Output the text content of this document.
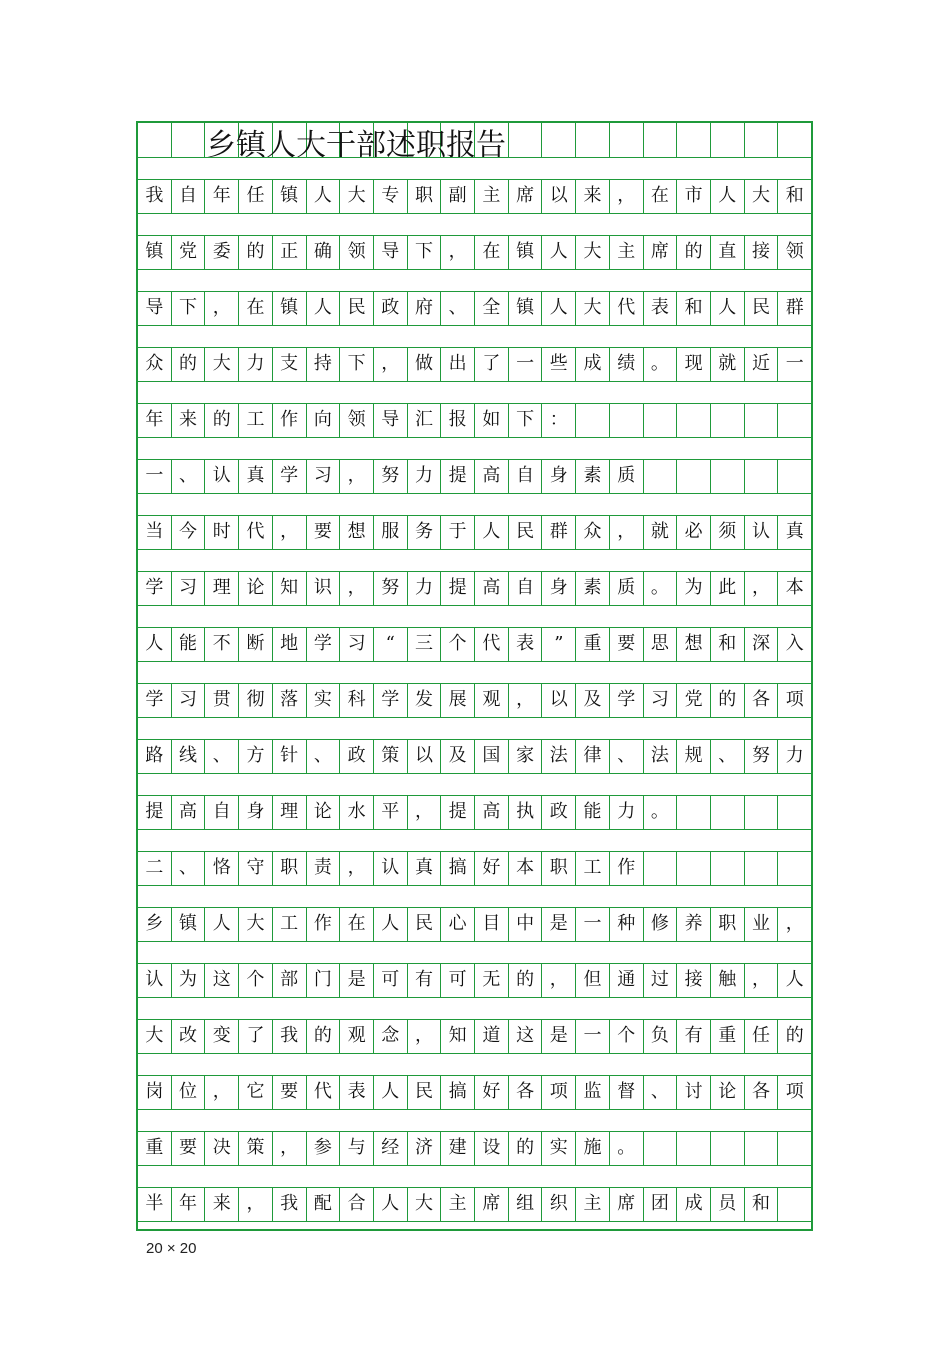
乡镇人大干部述职报告
我 自 年 任 镇 人 大 专 职 副 主 席 以 来 ， 在 市 人 大 和
镇 党 委 的 正 确 领 导 下 ， 在 镇 人 大 主 席 的 直 接 领
导 下 ， 在 镇 人 民 政 府 、 全 镇 人 大 代 表 和 人 民 群
众 的 大 力 支 持 下 ， 做 出 了 一 些 成 绩 。 现 就 近 一
年 来 的 工 作 向 领 导 汇 报 如 下 ：
一 、 认 真 学 习 ， 努 力 提 高 自 身 素 质
当 今 时 代 ， 要 想 服 务 于 人 民 群 众 ， 就 必 须 认 真
学 习 理 论 知 识 ， 努 力 提 高 自 身 素 质 。 为 此 ， 本
人 能 不 断 地 学 习	“	三 个 代 表	”	重 要 思 想 和 深 入
学 习 贯 彻 落 实 科 学 发 展 观 ， 以 及 学 习 党 的 各 项
路 线 、 方 针 、 政 策 以 及 国 家 法 律 、 法 规 、 努 力
提 高 自 身 理 论 水 平 ， 提 高 执 政 能 力 。
二 、 恪 守 职 责 ， 认 真 搞 好 本 职 工 作
乡 镇 人 大 工 作 在 人 民 心 目 中 是 一 种 修 养 职 业 ，
认 为 这 个 部 门 是 可 有 可 无 的 ， 但 通 过 接 触 ， 人
大 改 变 了 我 的 观 念 ， 知 道 这 是 一 个 负 有 重 任 的
岗 位 ， 它 要 代 表 人 民 搞 好 各 项 监 督 、 讨 论 各 项
重 要 决 策 ， 参 与 经 济 建 设 的 实 施 。
半 年 来 ， 我 配 合 人 大 主 席 组 织 主 席 团 成 员 和
20 × 20
